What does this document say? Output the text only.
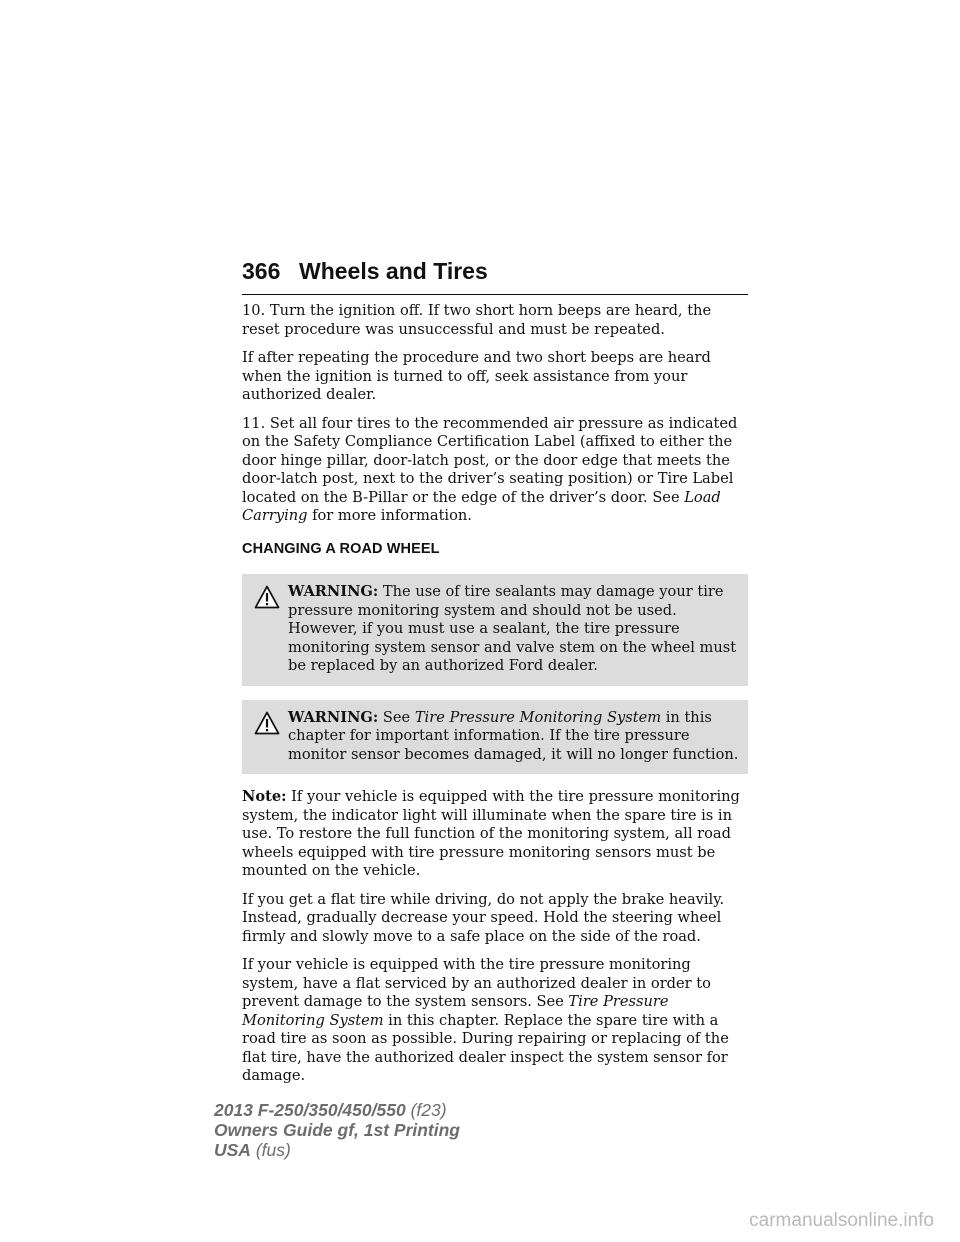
366 Wheels and Tires

10. Turn the ignition off. If two short horn beeps are heard, the reset procedure was unsuccessful and must be repeated.

If after repeating the procedure and two short beeps are heard when the ignition is turned to off, seek assistance from your authorized dealer.

11. Set all four tires to the recommended air pressure as indicated on the Safety Compliance Certification Label (affixed to either the door hinge pillar, door-latch post, or the door edge that meets the door-latch post, next to the driver’s seating position) or Tire Label located on the B-Pillar or the edge of the driver’s door. See Load Carrying for more information.

CHANGING A ROAD WHEEL

WARNING: The use of tire sealants may damage your tire pressure monitoring system and should not be used. However, if you must use a sealant, the tire pressure monitoring system sensor and valve stem on the wheel must be replaced by an authorized Ford dealer.

WARNING: See Tire Pressure Monitoring System in this chapter for important information. If the tire pressure monitor sensor becomes damaged, it will no longer function.

Note: If your vehicle is equipped with the tire pressure monitoring system, the indicator light will illuminate when the spare tire is in use. To restore the full function of the monitoring system, all road wheels equipped with tire pressure monitoring sensors must be mounted on the vehicle.

If you get a flat tire while driving, do not apply the brake heavily. Instead, gradually decrease your speed. Hold the steering wheel firmly and slowly move to a safe place on the side of the road.

If your vehicle is equipped with the tire pressure monitoring system, have a flat serviced by an authorized dealer in order to prevent damage to the system sensors. See Tire Pressure Monitoring System in this chapter. Replace the spare tire with a road tire as soon as possible. During repairing or replacing of the flat tire, have the authorized dealer inspect the system sensor for damage.

2013 F-250/350/450/550 (f23)
Owners Guide gf, 1st Printing
USA (fus)
carmanualsonline.info
